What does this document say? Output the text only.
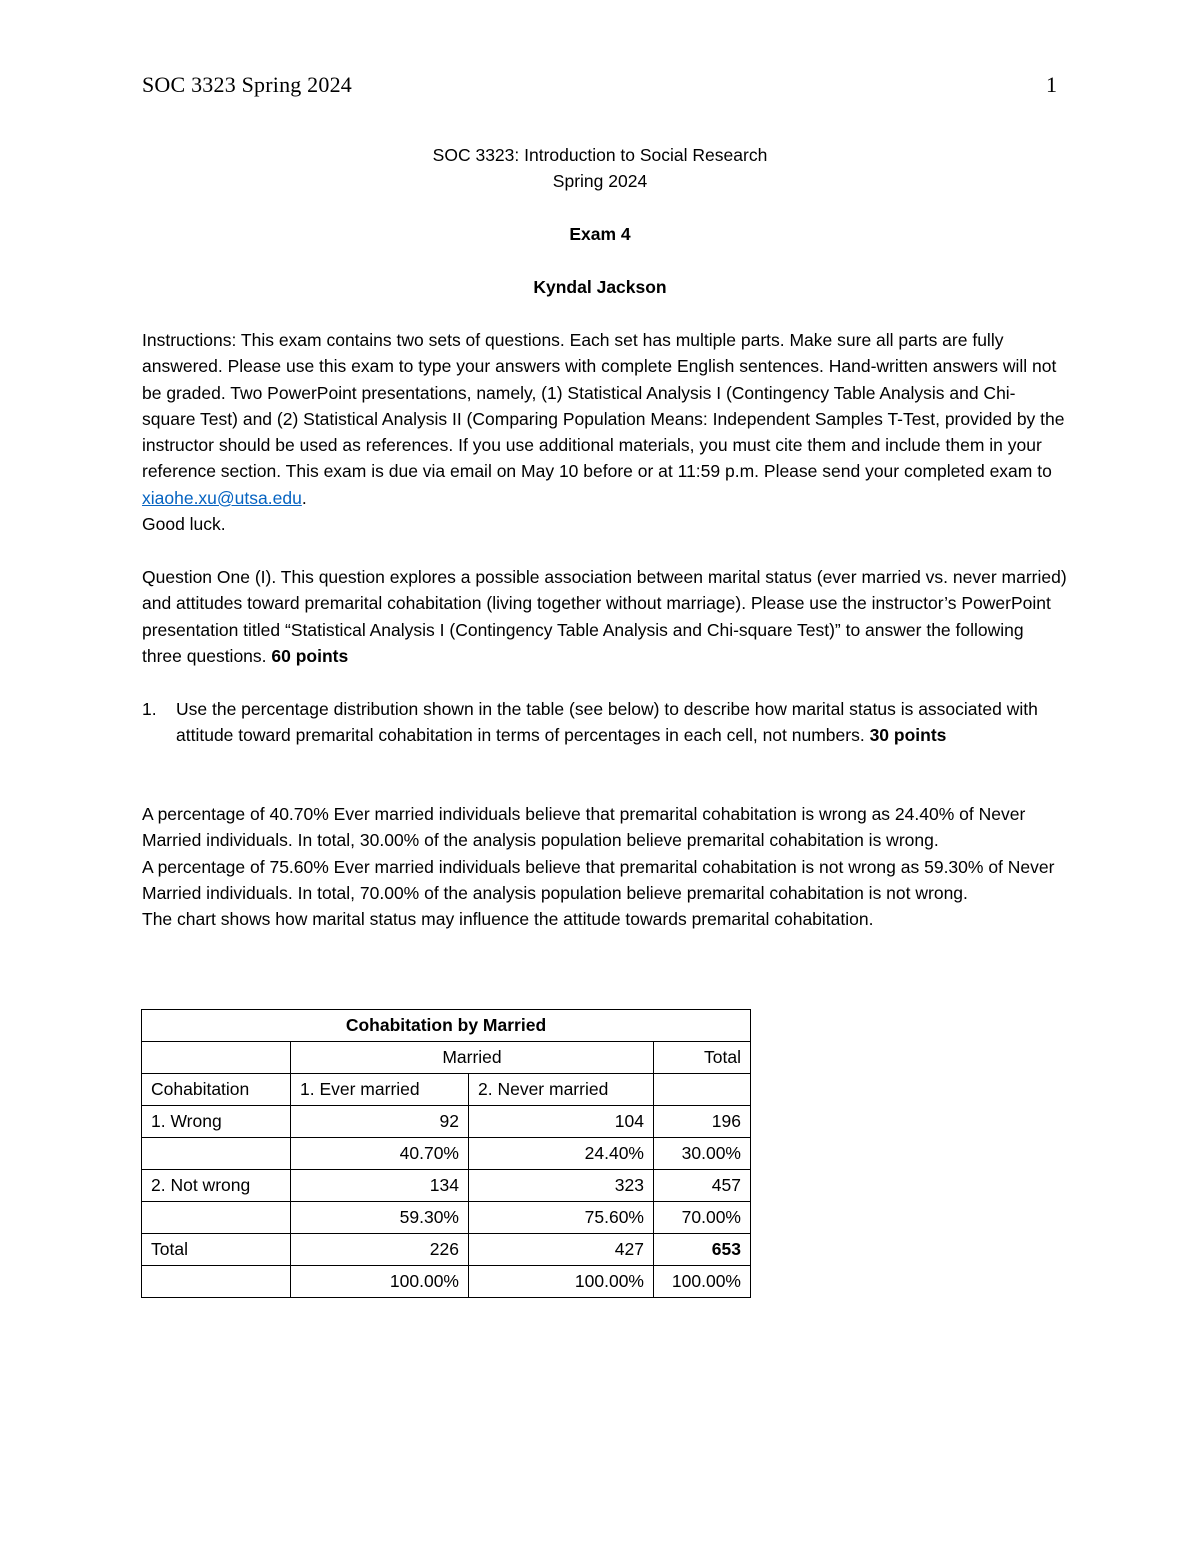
SOC 3323 Spring 2024	1
SOC 3323: Introduction to Social Research
Spring 2024
Exam 4
Kyndal Jackson

Instructions: This exam contains two sets of questions. Each set has multiple parts. Make sure all parts are fully answered. Please use this exam to type your answers with complete English sentences. Hand-written answers will not be graded. Two PowerPoint presentations, namely, (1) Statistical Analysis I (Contingency Table Analysis and Chi-square Test) and (2) Statistical Analysis II (Comparing Population Means: Independent Samples T-Test, provided by the instructor should be used as references. If you use additional materials, you must cite them and include them in your reference section. This exam is due via email on May 10 before or at 11:59 p.m. Please send your completed exam to xiaohe.xu@utsa.edu.

Good luck.

Question One (I). This question explores a possible association between marital status (ever married vs. never married) and attitudes toward premarital cohabitation (living together without marriage). Please use the instructor’s PowerPoint presentation titled “Statistical Analysis I (Contingency Table Analysis and Chi-square Test)” to answer the following three questions. 60 points

1. Use the percentage distribution shown in the table (see below) to describe how marital status is associated with attitude toward premarital cohabitation in terms of percentages in each cell, not numbers. 30 points

A percentage of 40.70% Ever married individuals believe that premarital cohabitation is wrong as 24.40% of Never Married individuals. In total, 30.00% of the analysis population believe premarital cohabitation is wrong.

A percentage of 75.60% Ever married individuals believe that premarital cohabitation is not wrong as 59.30% of Never Married individuals. In total, 70.00% of the analysis population believe premarital cohabitation is not wrong.

The chart shows how marital status may influence the attitude towards premarital cohabitation.

Cohabitation by Married			
	Married		Total
Cohabitation	1. Ever married	2. Never married	
1. Wrong	92	104	196
	40.70%	24.40%	30.00%
2. Not wrong	134	323	457
	59.30%	75.60%	70.00%
Total	226	427	653
	100.00%	100.00%	100.00%
